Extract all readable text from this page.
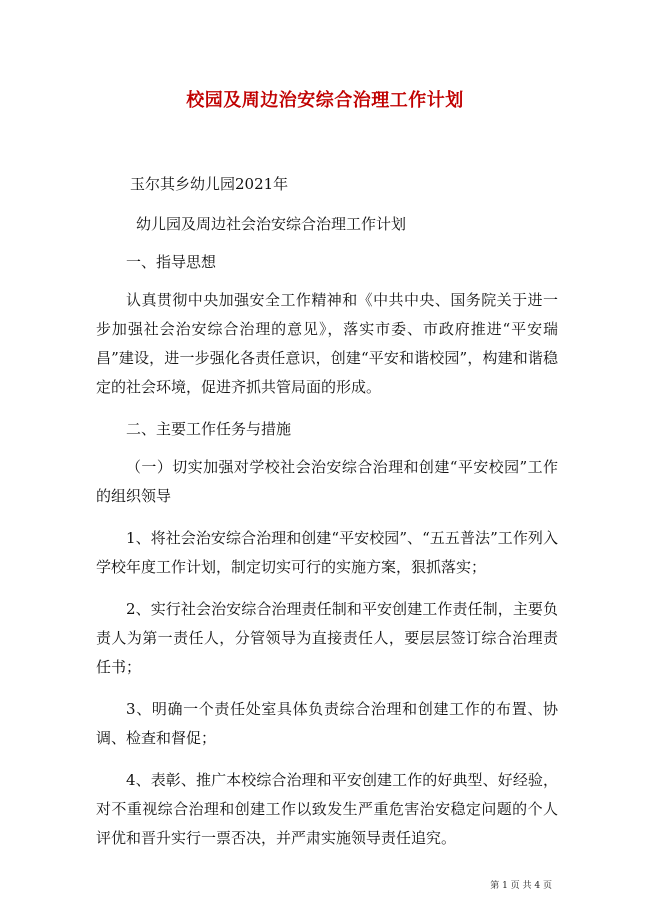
校园及周边治安综合治理工作计划

玉尔其乡幼儿园2021年

幼儿园及周边社会治安综合治理工作计划

一、指导思想

认真贯彻中央加强安全工作精神和《中共中央、国务院关于进一步加强社会治安综合治理的意见》，落实市委、市政府推进“平安瑞昌”建设，进一步强化各责任意识，创建“平安和谐校园”，构建和谐稳定的社会环境，促进齐抓共管局面的形成。

二、主要工作任务与措施

（一）切实加强对学校社会治安综合治理和创建“平安校园”工作的组织领导

1、将社会治安综合治理和创建“平安校园”、“五五普法”工作列入学校年度工作计划，制定切实可行的实施方案，狠抓落实；

2、实行社会治安综合治理责任制和平安创建工作责任制，主要负责人为第一责任人，分管领导为直接责任人，要层层签订综合治理责任书；

3、明确一个责任处室具体负责综合治理和创建工作的布置、协调、检查和督促；

4、表彰、推广本校综合治理和平安创建工作的好典型、好经验，对不重视综合治理和创建工作以致发生严重危害治安稳定问题的个人评优和晋升实行一票否决，并严肃实施领导责任追究。

第 1 页 共 4 页
